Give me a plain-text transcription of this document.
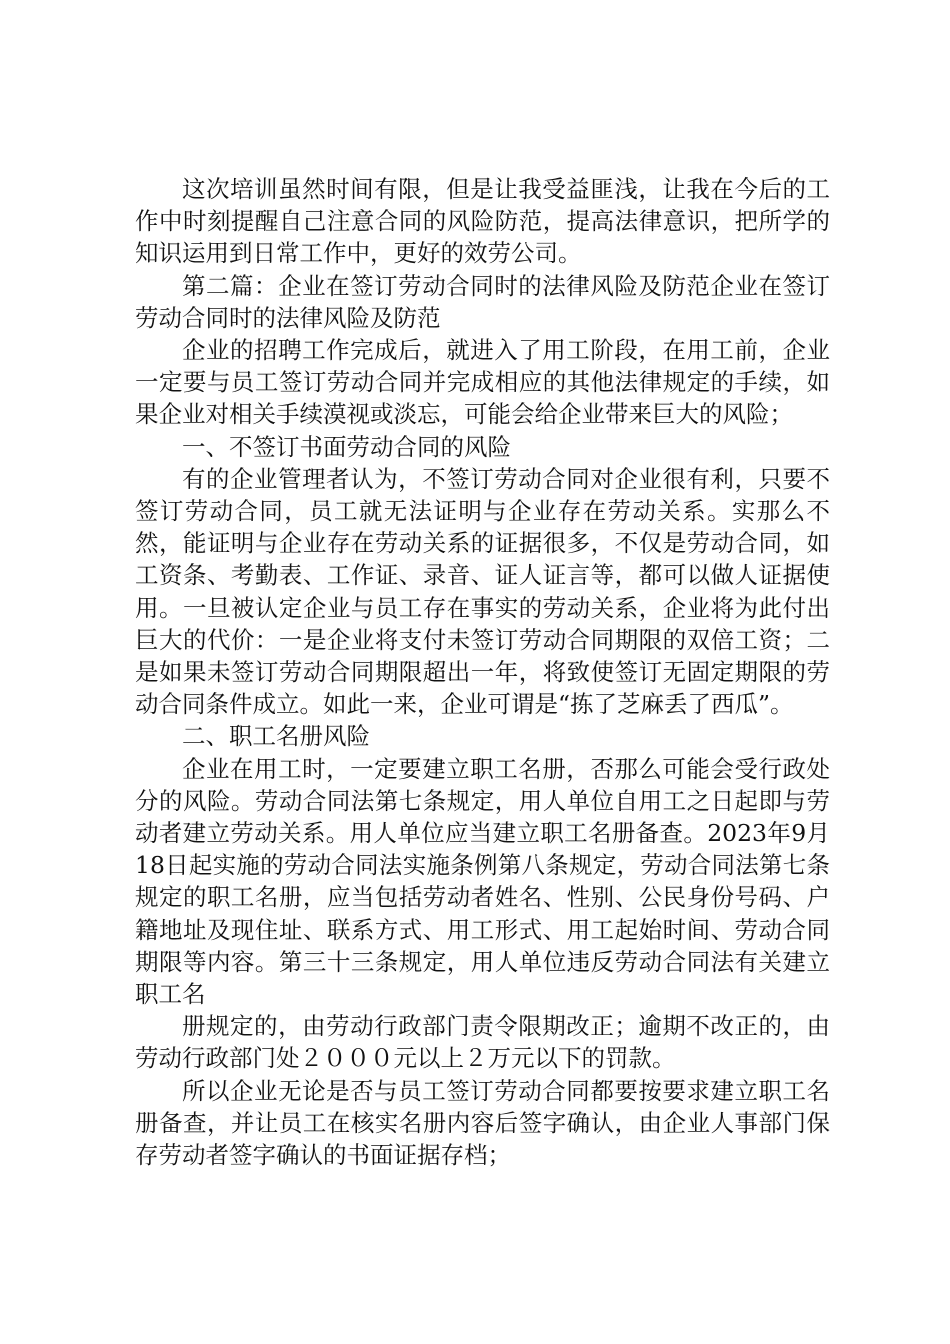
这次培训虽然时间有限，但是让我受益匪浅，让我在今后的工作中时刻提醒自己注意合同的风险防范，提高法律意识，把所学的知识运用到日常工作中，更好的效劳公司。

第二篇：企业在签订劳动合同时的法律风险及防范企业在签订劳动合同时的法律风险及防范

企业的招聘工作完成后，就进入了用工阶段，在用工前，企业一定要与员工签订劳动合同并完成相应的其他法律规定的手续，如果企业对相关手续漠视或淡忘，可能会给企业带来巨大的风险；

一、不签订书面劳动合同的风险

有的企业管理者认为，不签订劳动合同对企业很有利，只要不签订劳动合同，员工就无法证明与企业存在劳动关系。实那么不然，能证明与企业存在劳动关系的证据很多，不仅是劳动合同，如工资条、考勤表、工作证、录音、证人证言等，都可以做人证据使用。一旦被认定企业与员工存在事实的劳动关系，企业将为此付出巨大的代价：一是企业将支付未签订劳动合同期限的双倍工资；二是如果未签订劳动合同期限超出一年，将致使签订无固定期限的劳动合同条件成立。如此一来，企业可谓是“拣了芝麻丢了西瓜”。

二、职工名册风险

企业在用工时，一定要建立职工名册，否那么可能会受行政处分的风险。劳动合同法第七条规定，用人单位自用工之日起即与劳动者建立劳动关系。用人单位应当建立职工名册备查。2023年9月18日起实施的劳动合同法实施条例第八条规定，劳动合同法第七条规定的职工名册，应当包括劳动者姓名、性别、公民身份号码、户籍地址及现住址、联系方式、用工形式、用工起始时间、劳动合同期限等内容。第三十三条规定，用人单位违反劳动合同法有关建立职工名

册规定的，由劳动行政部门责令限期改正；逾期不改正的，由劳动行政部门处２０００元以上２万元以下的罚款。

所以企业无论是否与员工签订劳动合同都要按要求建立职工名册备查，并让员工在核实名册内容后签字确认，由企业人事部门保存劳动者签字确认的书面证据存档；
